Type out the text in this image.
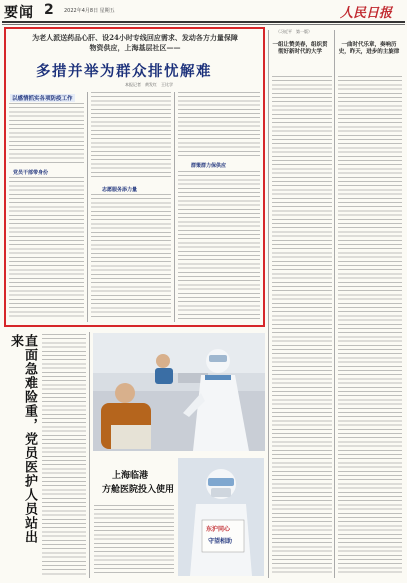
要闻 2 2022年4月8日 星期五	人民日报
为老人派送药品心肝、设24小时专线回应需求、发动各方力量保障
物资供应，上海基层社区——
多措并举为群众排忧解难
本报记者　黄发红　王比学
以感情抓实各项防疫工作
党员干部带身份
志愿服务添力量
群策群力保供应
（习近平　第一版）
一组让赞美春，组织贯彻好新时代的大学
一曲时代乐章，奏响历史，昨天，进步的主旋律
直面急难险重，党员医护人员站出来
上海临港
方舱医院投入使用
东沪同心
守望相助
